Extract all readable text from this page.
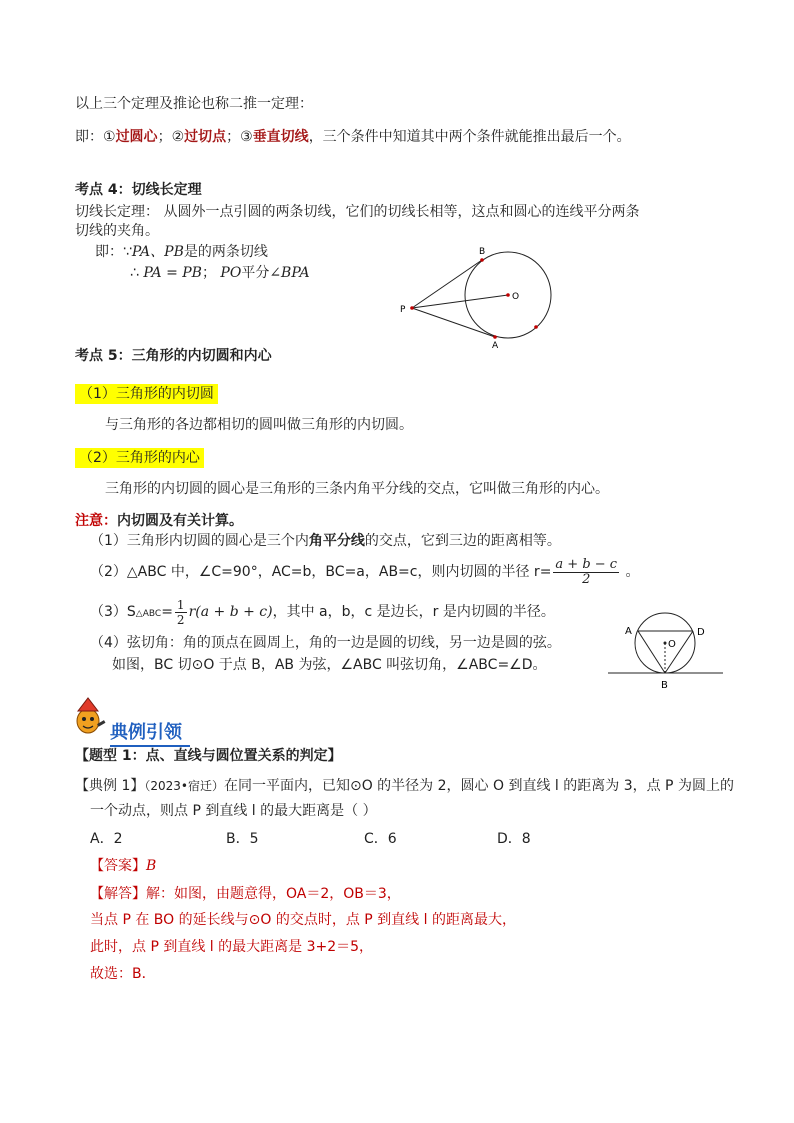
以上三个定理及推论也称二推一定理：
即：①过圆心；②过切点；③垂直切线，三个条件中知道其中两个条件就能推出最后一个。
考点 4：切线长定理
切线长定理： 从圆外一点引圆的两条切线，它们的切线长相等，这点和圆心的连线平分两条
切线的夹角。
即：∵PA、PB是的两条切线
∴ PA = PB； PO平分∠BPA
P
B
A
O
考点 5：三角形的内切圆和内心
（1）三角形的内切圆
与三角形的各边都相切的圆叫做三角形的内切圆。
（2）三角形的内心
三角形的内切圆的圆心是三角形的三条内角平分线的交点，它叫做三角形的内心。
注意：内切圆及有关计算。
（1）三角形内切圆的圆心是三个内角平分线的交点，它到三边的距离相等。
（2）△ABC 中，∠C=90°，AC=b，BC=a，AB=c，则内切圆的半径 $r= \frac{a + b - c}{2}$ 。
（3）S△ABC= $\frac{1}{2} r(a + b + c)$，其中 a，b，c 是边长，r 是内切圆的半径。
（4）弦切角：角的顶点在圆周上，角的一边是圆的切线，另一边是圆的弦。
如图，BC 切⊙O 于点 B，AB 为弦，∠ABC 叫弦切角，∠ABC=∠D。
A
O
D
B
典例引领
【题型 1：点、直线与圆位置关系的判定】
【典例 1】（2023•宿迁）在同一平面内，已知⊙O 的半径为 2，圆心 O 到直线 l 的距离为 3，点 P 为圆上的
一个动点，则点 P 到直线 l 的最大距离是（ ）
A．2	B．5	C．6	D．8
【答案】B
【解答】解：如图，由题意得，OA＝2，OB＝3，
当点 P 在 BO 的延长线与⊙O 的交点时，点 P 到直线 l 的距离最大，
此时，点 P 到直线 l 的最大距离是 3+2＝5，
故选：B．
